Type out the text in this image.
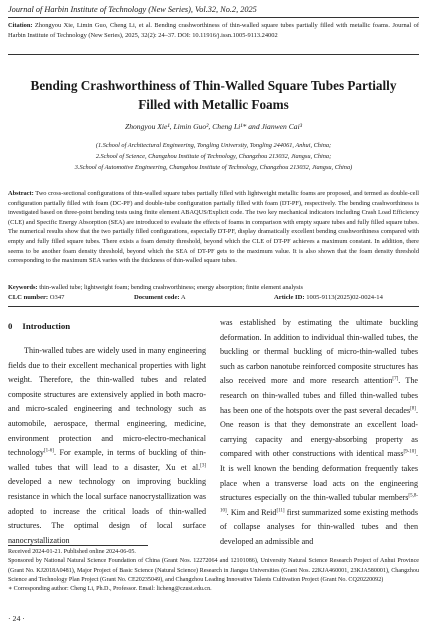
Journal of Harbin Institute of Technology (New Series), Vol.32, No.2, 2025
Citation: Zhongyou Xie, Limin Guo, Cheng Li, et al. Bending crashworthiness of thin-walled square tubes partially filled with metallic foams. Journal of Harbin Institute of Technology (New Series), 2025, 32(2): 24–37. DOI: 10.11916/j.issn.1005-9113.24002
Bending Crashworthiness of Thin-Walled Square Tubes Partially
Filled with Metallic Foams
Zhongyou Xie¹, Limin Guo², Cheng Li¹* and Jianwen Cai³
(1.School of Architectural Engineering, Tongling University, Tongling 244061, Anhui, China;
2.School of Science, Changzhou Institute of Technology, Changzhou 213032, Jiangsu, China;
3.School of Automotive Engineering, Changzhou Institute of Technology, Changzhou 213032, Jiangsu, China)
Abstract: Two cross-sectional configurations of thin-walled square tubes partially filled with lightweight metallic foams are proposed, and termed as double-cell configuration partially filled with foam (DC-PF) and double-tube configuration partially filled with foam (DT-PF), respectively. The bending crashworthiness is investigated based on three-point bending tests using finite element ABAQUS/Explicit code. The two key mechanical indicators including Crash Load Efficiency (CLE) and Specific Energy Absorption (SEA) are introduced to evaluate the effects of foams in comparison with empty square tubes and fully filled square tubes. The numerical results show that the two partially filled configurations, especially DT-PF, display dramatically excellent bending crashworthiness compared with empty and fully filled square tubes. There exists a foam density threshold, beyond which the CLE of DT-PF achieves a maximum constant. In addition, there seems to be another foam density threshold, beyond which the SEA of DT-PF gets to the maximum value. It is also shown that the foam density threshold corresponding to the maximum SEA varies with the thickness of thin-walled square tubes.
Keywords: thin-walled tube; lightweight foam; bending crashworthiness; energy absorption; finite element analysis
CLC number: O347	Document code: A	Article ID: 1005-9113(2025)02-0024-14
0 Introduction

Thin-walled tubes are widely used in many engineering fields due to their excellent mechanical properties with light weight. Therefore, the thin-walled tubes and related composite structures are extensively applied in both macro- and micro-scaled engineering and technology such as automobile, aerospace, thermal engineering, medicine, environment protection and micro-electro-mechanical technology[1-6]. For example, in terms of buckling of thin-walled tubes that will lead to a disaster, Xu et al.[3] developed a new technology on improving buckling resistance in which the local surface nanocrystallization was adopted to increase the critical loads of thin-walled structures. The optimal design of local surface nanocrystallization

was established by estimating the ultimate buckling deformation. In addition to individual thin-walled tubes, the buckling or thermal buckling of micro-thin-walled tubes such as carbon nanotube reinforced composite structures has also received more and more research attention[7]. The research on thin-walled tubes and filled thin-walled tubes has been one of the hotspots over the past several decades[8]. One reason is that they demonstrate an excellent load-carrying capacity and energy-absorbing property as compared with other constructions with identical mass[9-10]. It is well known the bending deformation frequently takes place when a transverse load acts on the engineering structures especially on the thin-walled tubular members[5,8-10]. Kim and Reid[11] first summarized some existing methods of collapse analyses for thin-walled tubes and then developed an admissible and

Received 2024-01-21. Published online 2024-06-05.
Sponsored by National Natural Science Foundation of China (Grant Nos. 12272064 and 12101086), University Natural Science Research Project of Anhui Province (Grant No. KJ2018A0481), Major Project of Basic Science (Natural Science) Research in Jiangsu Universities (Grant Nos. 22KJA460001, 23KJA580001), Changzhou Science and Technology Plan Project (Grant No. CE20235049), and Changzhou Leading Innovative Talents Cultivation Project (Grant No. CQ20220092)
∗ Corresponding author: Cheng Li, Ph.D., Professor. Email: licheng@czust.edu.cn.
· 24 ·
